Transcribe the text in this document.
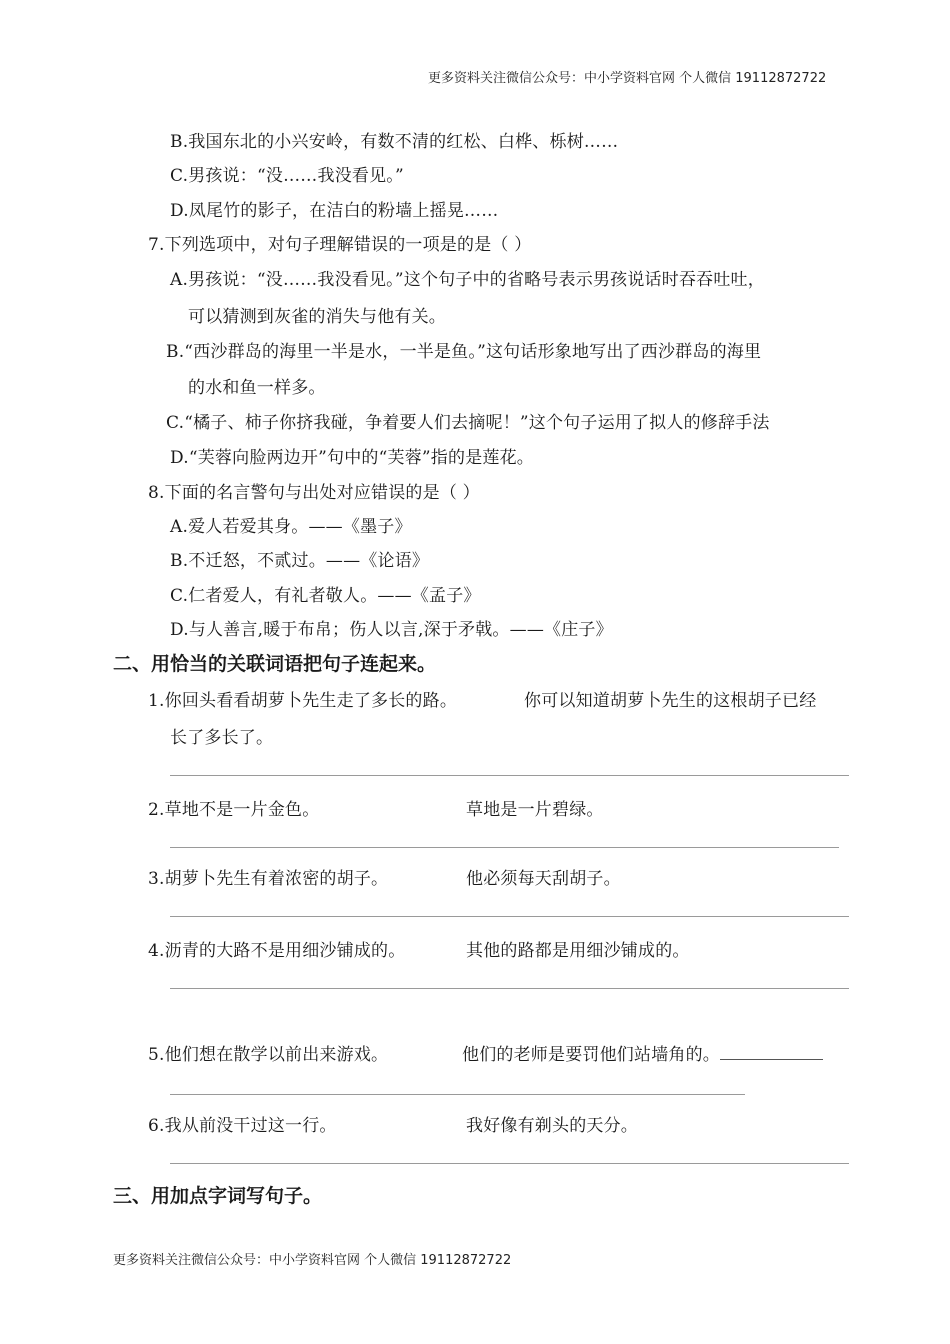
更多资料关注微信公众号：中小学资料官网 个人微信 19112872722
B.我国东北的小兴安岭，有数不清的红松、白桦、栎树……
C.男孩说：“没……我没看见。”
D.凤尾竹的影子，在洁白的粉墙上摇晃……
7.下列选项中，对句子理解错误的一项是的是（ ）
A.男孩说：“没……我没看见。”这个句子中的省略号表示男孩说话时吞吞吐吐，
可以猜测到灰雀的消失与他有关。
B.“西沙群岛的海里一半是水，一半是鱼。”这句话形象地写出了西沙群岛的海里
的水和鱼一样多。
C.“橘子、柿子你挤我碰，争着要人们去摘呢！”这个句子运用了拟人的修辞手法
D.“芙蓉向脸两边开”句中的“芙蓉”指的是莲花。
8.下面的名言警句与出处对应错误的是（ ）
A.爱人若爱其身。——《墨子》
B.不迁怒，不贰过。——《论语》
C.仁者爱人，有礼者敬人。——《孟子》
D.与人善言,暖于布帛；伤人以言,深于矛戟。——《庄子》
二、用恰当的关联词语把句子连起来。
1.你回头看看胡萝卜先生走了多长的路。	你可以知道胡萝卜先生的这根胡子已经
长了多长了。
2.草地不是一片金色。	草地是一片碧绿。
3.胡萝卜先生有着浓密的胡子。	他必须每天刮胡子。
4.沥青的大路不是用细沙铺成的。	其他的路都是用细沙铺成的。
5.他们想在散学以前出来游戏。	他们的老师是要罚他们站墙角的。
6.我从前没干过这一行。	我好像有剃头的天分。
三、用加点字词写句子。
更多资料关注微信公众号：中小学资料官网 个人微信 19112872722
